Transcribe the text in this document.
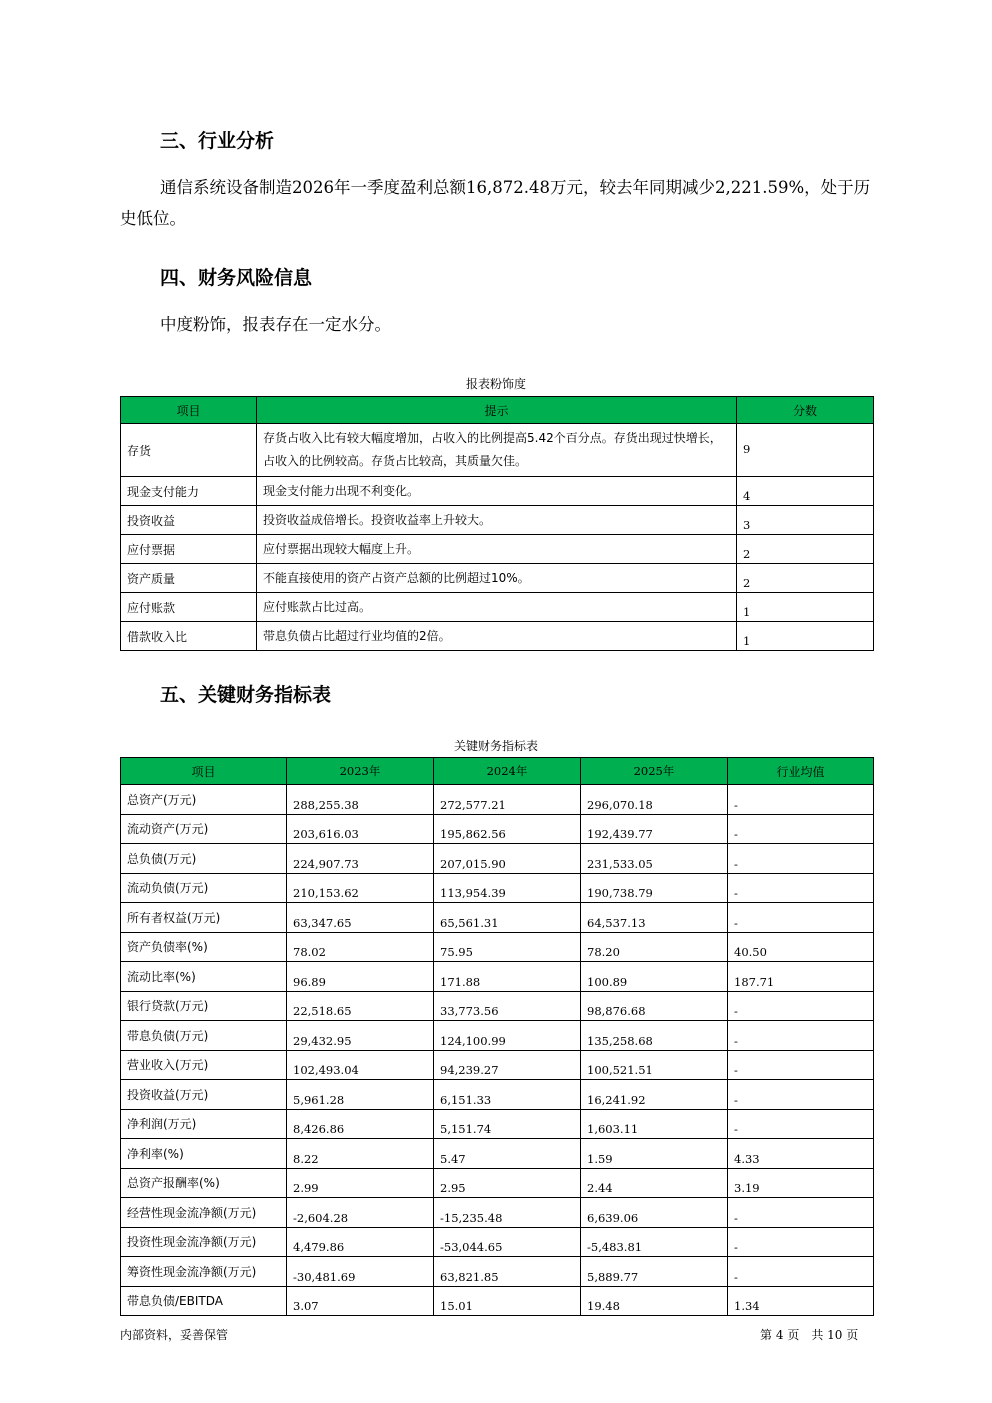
三、行业分析

通信系统设备制造2026年一季度盈利总额16,872.48万元，较去年同期减少2,221.59%，处于历史低位。

四、财务风险信息

中度粉饰，报表存在一定水分。

报表粉饰度
项目	提示	分数
存货	存货占收入比有较大幅度增加，占收入的比例提高5.42个百分点。存货出现过快增长，占收入的比例较高。存货占比较高，其质量欠佳。	9
现金支付能力	现金支付能力出现不利变化。	4
投资收益	投资收益成倍增长。投资收益率上升较大。	3
应付票据	应付票据出现较大幅度上升。	2
资产质量	不能直接使用的资产占资产总额的比例超过10%。	2
应付账款	应付账款占比过高。	1
借款收入比	带息负债占比超过行业均值的2倍。	1
五、关键财务指标表
关键财务指标表
项目	2023年	2024年	2025年	行业均值
总资产(万元)	288,255.38	272,577.21	296,070.18	-
流动资产(万元)	203,616.03	195,862.56	192,439.77	-
总负债(万元)	224,907.73	207,015.90	231,533.05	-
流动负债(万元)	210,153.62	113,954.39	190,738.79	-
所有者权益(万元)	63,347.65	65,561.31	64,537.13	-
资产负债率(%)	78.02	75.95	78.20	40.50
流动比率(%)	96.89	171.88	100.89	187.71
银行贷款(万元)	22,518.65	33,773.56	98,876.68	-
带息负债(万元)	29,432.95	124,100.99	135,258.68	-
营业收入(万元)	102,493.04	94,239.27	100,521.51	-
投资收益(万元)	5,961.28	6,151.33	16,241.92	-
净利润(万元)	8,426.86	5,151.74	1,603.11	-
净利率(%)	8.22	5.47	1.59	4.33
总资产报酬率(%)	2.99	2.95	2.44	3.19
经营性现金流净额(万元)	-2,604.28	-15,235.48	6,639.06	-
投资性现金流净额(万元)	4,479.86	-53,044.65	-5,483.81	-
筹资性现金流净额(万元)	-30,481.69	63,821.85	5,889.77	-
带息负债/EBITDA	3.07	15.01	19.48	1.34
内部资料，妥善保管	第 4 页　共 10 页
